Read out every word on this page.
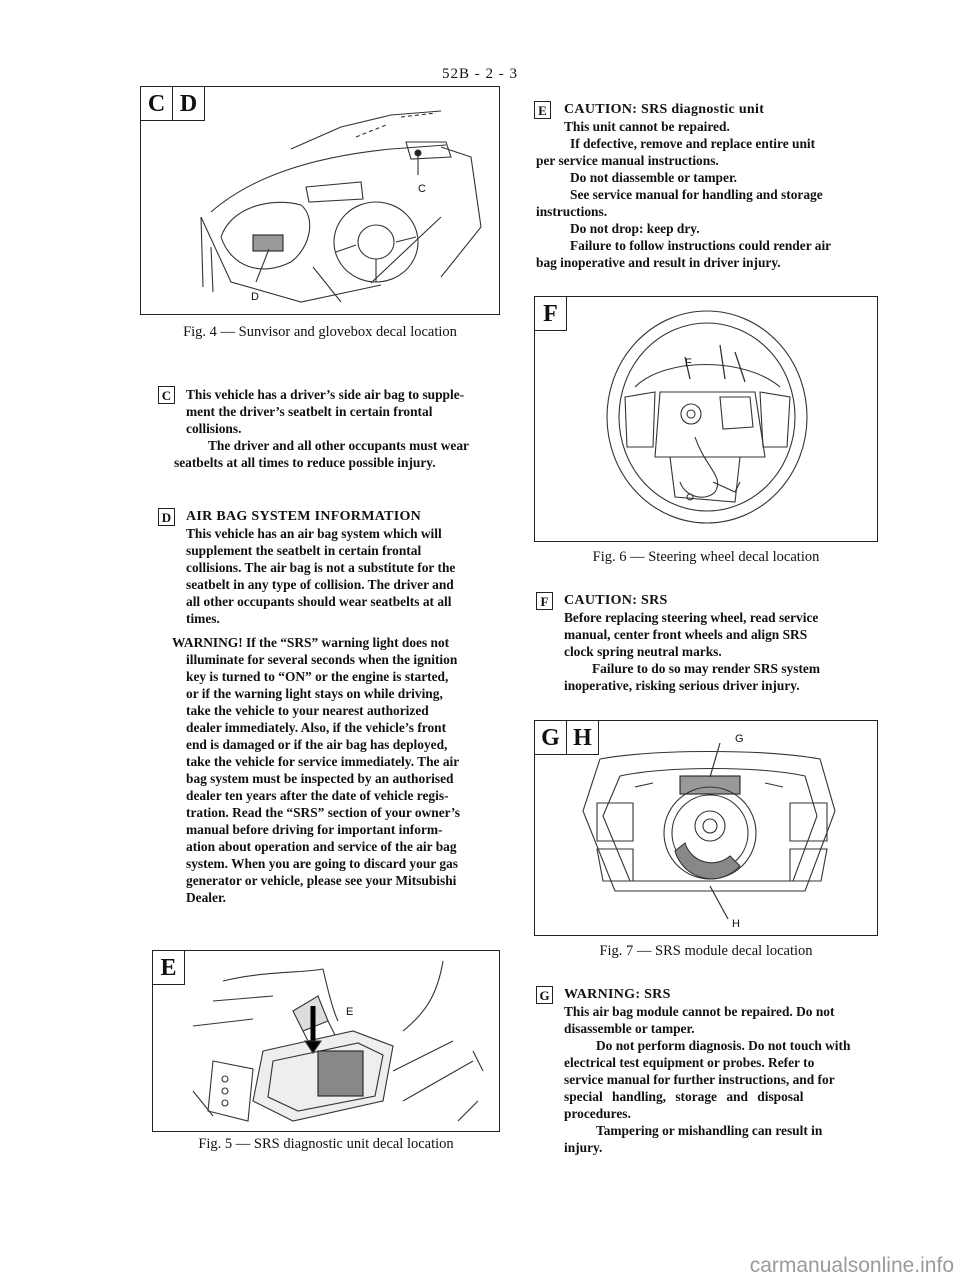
52B - 2 - 3
C D
C
D
Fig. 4 — Sunvisor and glovebox decal location
C This vehicle has a driver’s side air bag to supple-
ment the driver’s seatbelt in certain frontal
collisions.
The driver and all other occupants must wear
seatbelts at all times to reduce possible injury.
D AIR BAG SYSTEM INFORMATION
This vehicle has an air bag system which will
supplement the seatbelt in certain frontal
collisions. The air bag is not a substitute for the
seatbelt in any type of collision. The driver and
all other occupants should wear seatbelts at all
times.
WARNING! If the “SRS” warning light does not
illuminate for several seconds when the ignition
key is turned to “ON” or the engine is started,
or if the warning light stays on while driving,
take the vehicle to your nearest authorized
dealer immediately. Also, if the vehicle’s front
end is damaged or if the air bag has deployed,
take the vehicle for service immediately. The air
bag system must be inspected by an authorised
dealer ten years after the date of vehicle regis-
tration. Read the “SRS” section of your owner’s
manual before driving for important inform-
ation about operation and service of the air bag
system. When you are going to discard your gas
generator or vehicle, please see your Mitsubishi
Dealer.
E
E
Fig. 5 — SRS diagnostic unit decal location
E CAUTION: SRS diagnostic unit
This unit cannot be repaired.
If defective, remove and replace entire unit
per service manual instructions.
Do not diassemble or tamper.
See service manual for handling and storage
instructions.
Do not drop: keep dry.
Failure to follow instructions could render air
bag inoperative and result in driver injury.
F
F
Fig. 6 — Steering wheel decal location
F	CAUTION: SRS
Before replacing steering wheel, read service
manual, center front wheels and align SRS
clock spring neutral marks.
Failure to do so may render SRS system
inoperative, risking serious driver injury.
G H	G
H
Fig. 7 — SRS module decal location
G WARNING: SRS
This air bag module cannot be repaired. Do not
disassemble or tamper.
Do not perform diagnosis. Do not touch with
electrical test equipment or probes. Refer to
service manual for further instructions, and for
special handling, storage and disposal
procedures.
Tampering or mishandling can result in
injury.
carmanualsonline.info
